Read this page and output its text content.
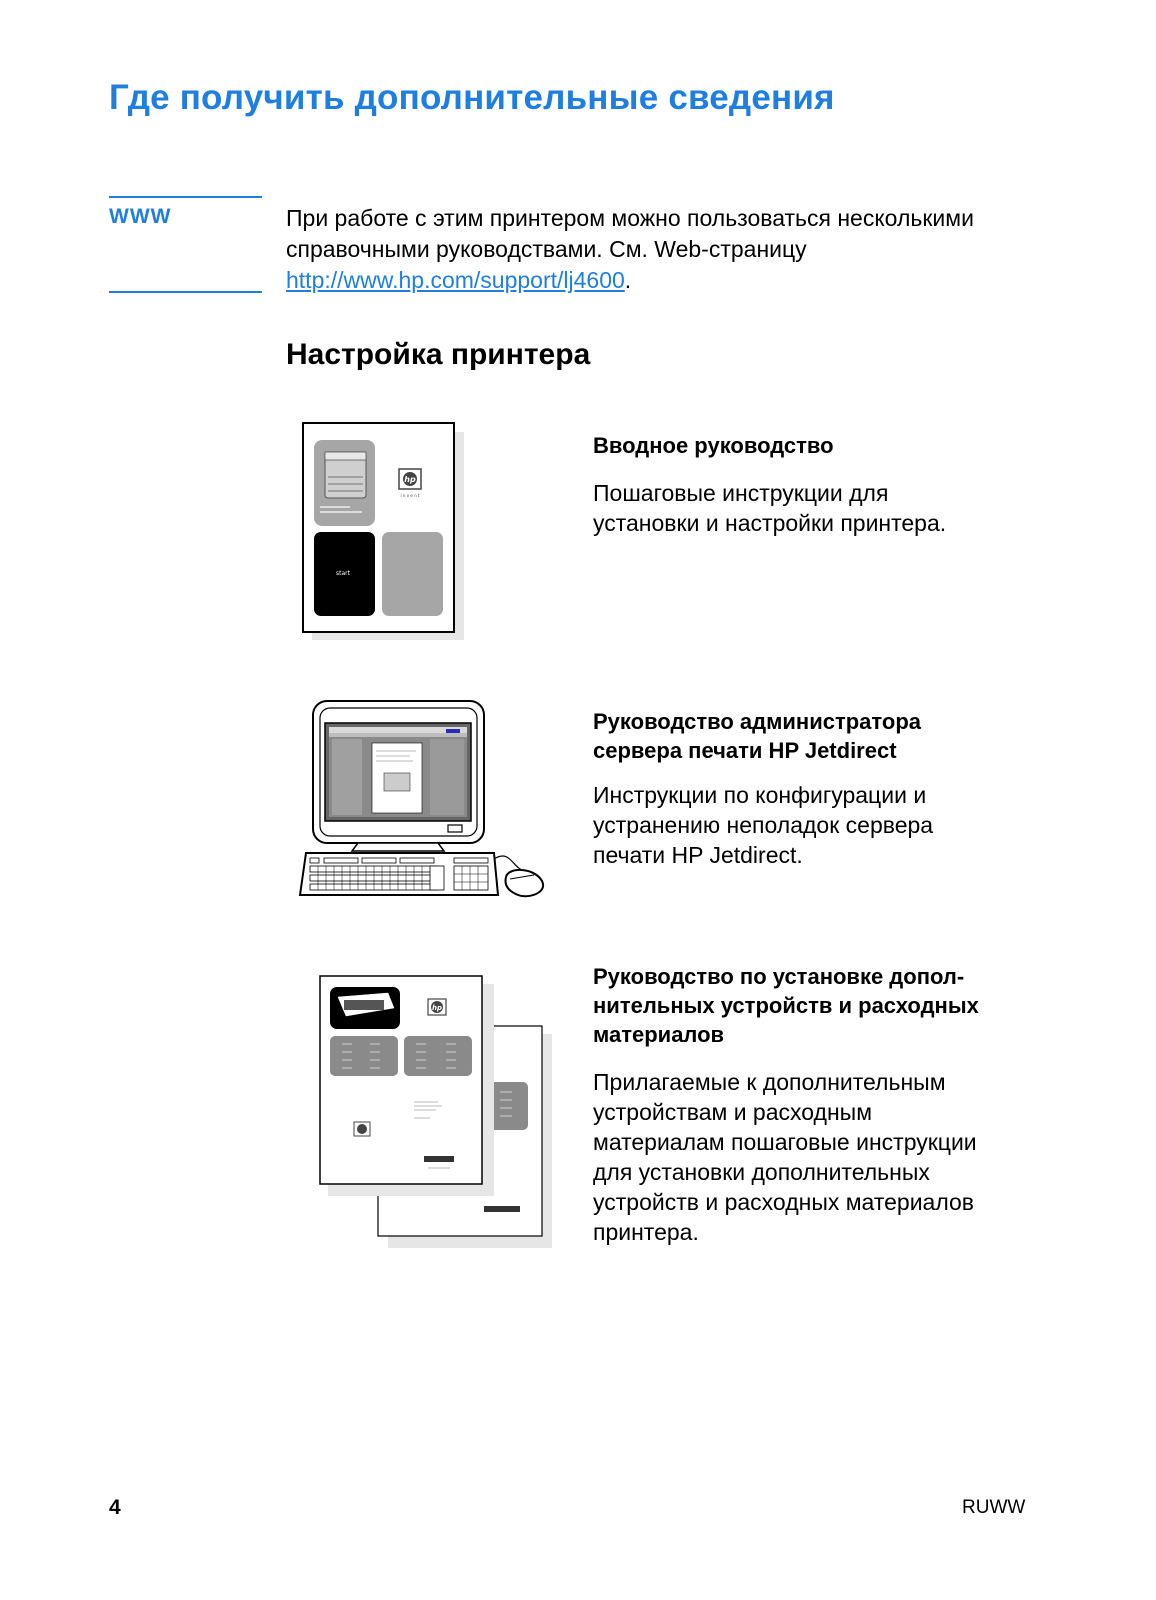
Где получить дополнительные сведения
WWW	При работе с этим принтером можно пользоваться несколькими справочными руководствами. См. Web-страницу
http://www.hp.com/support/lj4600.
Настройка принтера
hp
i n v e n t
start
Вводное руководство
Пошаговые инструкции для установки и настройки принтера.
Руководство администратора сервера печати HP Jetdirect
Инструкции по конфигурации и устранению неполадок сервера печати HP Jetdirect.
hp
Руководство по установке допол-нительных устройств и расходных материалов
Прилагаемые к дополнительным устройствам и расходным материалам пошаговые инструкции для установки дополнительных устройств и расходных материалов принтера.
4	RUWW
